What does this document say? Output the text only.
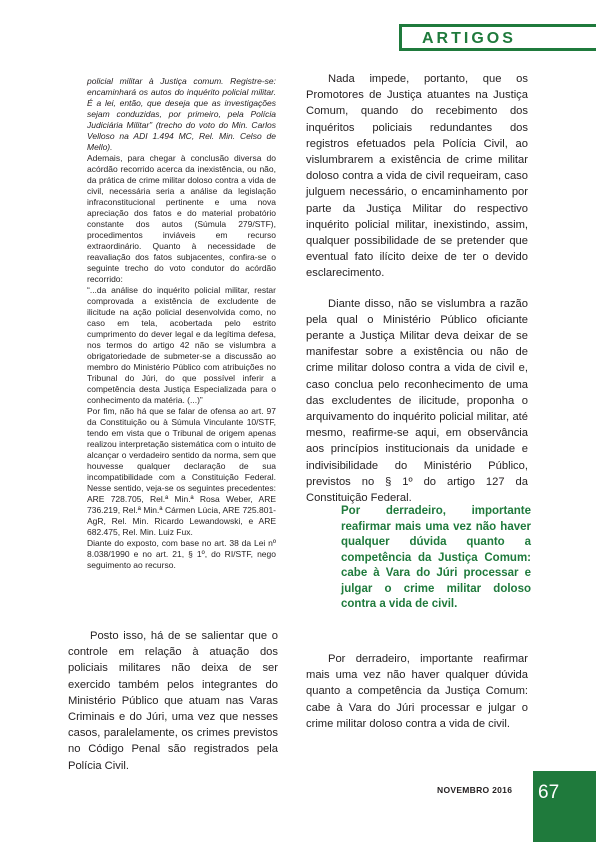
ARTIGOS

policial militar à Justiça comum. Registre-se: encaminhará os autos do inquérito policial militar. É a lei, então, que deseja que as investigações sejam conduzidas, por primeiro, pela Polícia Judiciária Militar” (trecho do voto do Min. Carlos Velloso na ADI 1.494 MC, Rel. Min. Celso de Mello).

Ademais, para chegar à conclusão diversa do acórdão recorrido acerca da inexistência, ou não, da prática de crime militar doloso contra a vida de civil, necessária seria a análise da legislação infraconstitucional pertinente e uma nova apreciação dos fatos e do material probatório constante dos autos (Súmula 279/STF), procedimentos inviáveis em recurso extraordinário. Quanto à necessidade de reavaliação dos fatos subjacentes, confira-se o seguinte trecho do voto condutor do acórdão recorrido:

“...da análise do inquérito policial militar, restar comprovada a existência de excludente de ilicitude na ação policial desenvolvida como, no caso em tela, acobertada pelo estrito cumprimento do dever legal e da legítima defesa, nos termos do artigo 42 não se vislumbra a obrigatoriedade de submeter-se a discussão ao membro do Ministério Público com atribuições no Tribunal do Júri, do que possível inferir a competência desta Justiça Especializada para o conhecimento da matéria. (...)”

Por fim, não há que se falar de ofensa ao art. 97 da Constituição ou à Súmula Vinculante 10/STF, tendo em vista que o Tribunal de origem apenas realizou interpretação sistemática com o intuito de alcançar o verdadeiro sentido da norma, sem que houvesse qualquer declaração de sua incompatibilidade com a Constituição Federal. Nesse sentido, veja-se os seguintes precedentes: ARE 728.705, Rel.ª Min.ª Rosa Weber, ARE 736.219, Rel.ª Min.ª Cármen Lúcia, ARE 725.801-AgR, Rel. Min. Ricardo Lewandowski, e ARE 682.475, Rel. Min. Luiz Fux.

Diante do exposto, com base no art. 38 da Lei nº 8.038/1990 e no art. 21, § 1º, do RI/STF, nego seguimento ao recurso.

Posto isso, há de se salientar que o controle em relação à atuação dos policiais militares não deixa de ser exercido também pelos integrantes do Ministério Público que atuam nas Varas Criminais e do Júri, uma vez que nesses casos, paralelamente, os crimes previstos no Código Penal são registrados pela Polícia Civil.

Nada impede, portanto, que os Promotores de Justiça atuantes na Justiça Comum, quando do recebimento dos inquéritos policiais redundantes dos registros efetuados pela Polícia Civil, ao vislumbrarem a existência de crime militar doloso contra a vida de civil requeiram, caso julguem necessário, o encaminhamento por parte da Justiça Militar do respectivo inquérito policial militar, inexistindo, assim, qualquer possibilidade de se pretender que eventual fato ilícito deixe de ter o devido esclarecimento.

Diante disso, não se vislumbra a razão pela qual o Ministério Público oficiante perante a Justiça Militar deva deixar de se manifestar sobre a existência ou não de crime militar doloso contra a vida de civil e, caso conclua pelo reconhecimento de uma das excludentes de ilicitude, proponha o arquivamento do inquérito policial militar, até mesmo, reafirme-se aqui, em observância aos princípios institucionais da unidade e indivisibilidade do Ministério Público, previstos no § 1º do artigo 127 da Constituição Federal.

Por derradeiro, importante reafirmar mais uma vez não haver qualquer dúvida quanto a competência da Justiça Comum: cabe à Vara do Júri processar e julgar o crime militar doloso contra a vida de civil.

Por derradeiro, importante reafirmar mais uma vez não haver qualquer dúvida quanto a competência da Justiça Comum: cabe à Vara do Júri processar e julgar o crime militar doloso contra a vida de civil.

NOVEMBRO 2016 67
